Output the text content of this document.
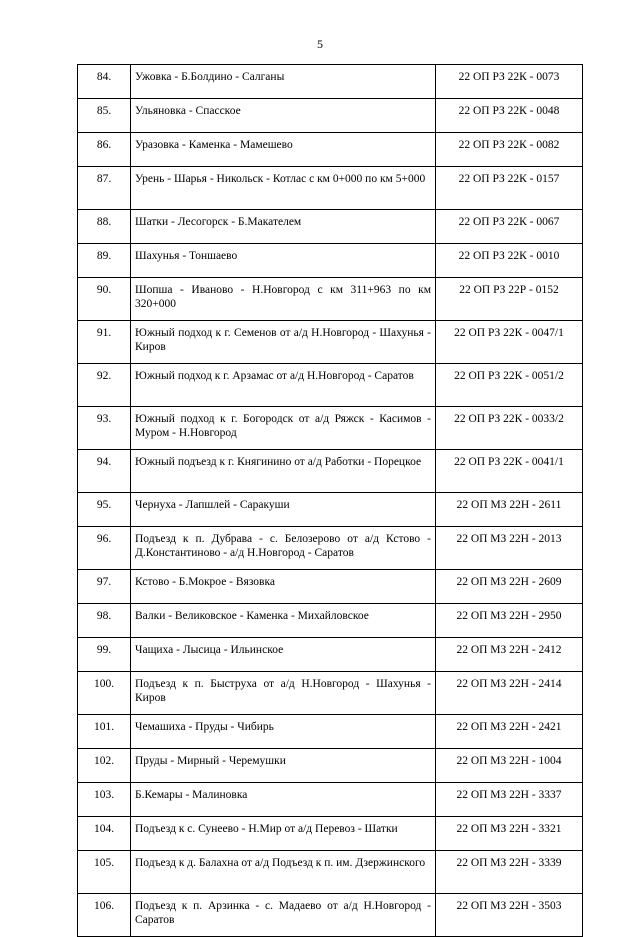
5
84.	Ужовка - Б.Болдино - Салганы	22 ОП РЗ 22К - 0073
85.	Ульяновка - Спасское	22 ОП РЗ 22К - 0048
86.	Уразовка - Каменка - Мамешево	22 ОП РЗ 22К - 0082
87.	Урень - Шарья - Никольск - Котлас с км 0+000 по км 5+000	22 ОП РЗ 22К - 0157
88.	Шатки - Лесогорск - Б.Макателем	22 ОП РЗ 22К - 0067
89.	Шахунья - Тоншаево	22 ОП РЗ 22К - 0010
90.	Шопша - Иваново - Н.Новгород с км 311+963 по км 320+000	22 ОП РЗ 22Р - 0152
91.	Южный подход к г. Семенов от а/д Н.Новгород - Шахунья - Киров	22 ОП РЗ 22К - 0047/1
92.	Южный подход к г. Арзамас от а/д Н.Новгород - Саратов	22 ОП РЗ 22К - 0051/2
93.	Южный подход к г. Богородск от а/д Ряжск - Касимов - Муром - Н.Новгород	22 ОП РЗ 22К - 0033/2
94.	Южный подъезд к г. Княгинино от а/д Работки - Порецкое	22 ОП РЗ 22К - 0041/1
95.	Чернуха - Лапшлей - Саракуши	22 ОП МЗ 22Н - 2611
96.	Подъезд к п. Дубрава - с. Белозерово от а/д Кстово - Д.Константиново - а/д Н.Новгород - Саратов	22 ОП МЗ 22Н - 2013
97.	Кстово - Б.Мокрое - Вязовка	22 ОП МЗ 22Н - 2609
98.	Валки - Великовское - Каменка - Михайловское	22 ОП МЗ 22Н - 2950
99.	Чащиха - Лысица - Ильинское	22 ОП МЗ 22Н - 2412
100.	Подъезд к п. Быструха от а/д Н.Новгород - Шахунья - Киров	22 ОП МЗ 22Н - 2414
101.	Чемашиха - Пруды - Чибирь	22 ОП МЗ 22Н - 2421
102.	Пруды - Мирный - Черемушки	22 ОП МЗ 22Н - 1004
103.	Б.Кемары - Малиновка	22 ОП МЗ 22Н - 3337
104.	Подъезд к с. Сунеево - Н.Мир от а/д Перевоз - Шатки	22 ОП МЗ 22Н - 3321
105.	Подъезд к д. Балахна от а/д Подъезд к п. им. Дзержинского	22 ОП МЗ 22Н - 3339
106.	Подъезд к п. Арзинка - с. Мадаево от а/д Н.Новгород - Саратов	22 ОП МЗ 22Н - 3503
